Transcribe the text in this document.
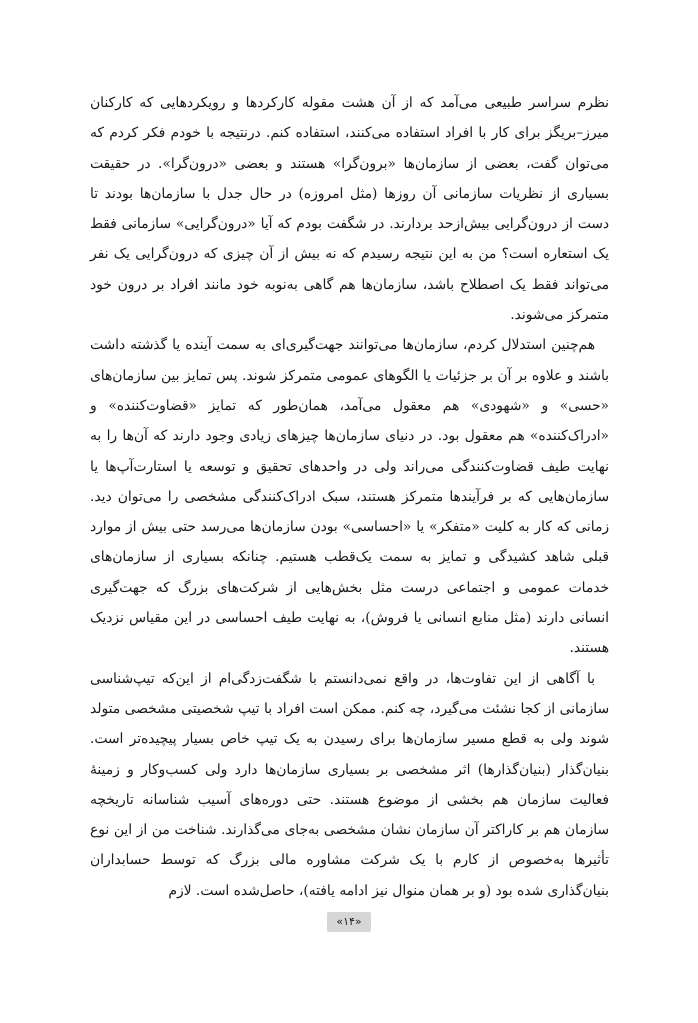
نظرم سراسر طبیعی می‌آمد که از آن هشت مقوله کارکردها و رویکردهایی که کارکنان میرز–بریگز برای کار با افراد استفاده می‌کنند، استفاده کنم. درنتیجه با خودم فکر کردم که می‌توان گفت، بعضی از سازمان‌ها «برون‌گرا» هستند و بعضی «درون‌گرا». در حقیقت بسیاری از نظریات سازمانی آن روزها (مثل امروزه) در حال جدل با سازمان‌ها بودند تا دست از درون‌گرایی بیش‌ازحد بردارند. در شگفت بودم که آیا «درون‌گرایی» سازمانی فقط یک استعاره است؟ من به این نتیجه رسیدم که نه بیش از آن چیزی که درون‌گرایی یک نفر می‌تواند فقط یک اصطلاح باشد، سازمان‌ها هم گاهی به‌نوبه خود مانند افراد بر درون خود متمرکز می‌شوند.

هم‌چنین استدلال کردم، سازمان‌ها می‌توانند جهت‌گیری‌ای به سمت آینده یا گذشته داشت باشند و علاوه بر آن بر جزئیات یا الگوهای عمومی متمرکز شوند. پس تمایز بین سازمان‌های «حسی» و «شهودی» هم معقول می‌آمد، همان‌طور که تمایز «قضاوت‌کننده» و «ادراک‌کننده» هم معقول بود. در دنیای سازمان‌ها چیزهای زیادی وجود دارند که آن‌ها را به نهایت طیف قضاوت‌کنندگی می‌راند ولی در واحدهای تحقیق و توسعه یا استارت‌آپ‌ها یا سازمان‌هایی که بر فرآیندها متمرکز هستند، سبک ادراک‌کنندگی مشخصی را می‌توان دید. زمانی که کار به کلیت «متفکر» یا «احساسی» بودن سازمان‌ها می‌رسد حتی بیش از موارد قبلی شاهد کشیدگی و تمایز به سمت یک‌قطب هستیم. چنانکه بسیاری از سازمان‌های خدمات عمومی و اجتماعی درست مثل بخش‌هایی از شرکت‌های بزرگ که جهت‌گیری انسانی دارند (مثل منابع انسانی یا فروش)، به نهایت طیف احساسی در این مقیاس نزدیک هستند.

با آگاهی از این تفاوت‌ها، در واقع نمی‌دانستم با شگفت‌زدگی‌ام از این‌که تیپ‌شناسی سازمانی از کجا نشئت می‌گیرد، چه کنم. ممکن است افراد با تیپ شخصیتی مشخصی متولد شوند ولی به قطع مسیر سازمان‌ها برای رسیدن به یک تیپ خاص بسیار پیچیده‌تر است. بنیان‌گذار (بنیان‌گذارها) اثر مشخصی بر بسیاری سازمان‌ها دارد ولی کسب‌وکار و زمینهٔ فعالیت سازمان هم بخشی از موضوع هستند. حتی دوره‌های آسیب شناسانه تاریخچه سازمان هم بر کاراکتر آن سازمان نشان مشخصی به‌جای می‌گذارند. شناخت من از این نوع تأثیرها به‌خصوص از کارم با یک شرکت مشاوره مالی بزرگ که توسط حسابداران بنیان‌گذاری شده بود (و بر همان منوال نیز ادامه یافته)، حاصل‌شده است. لازم

«۱۴»
